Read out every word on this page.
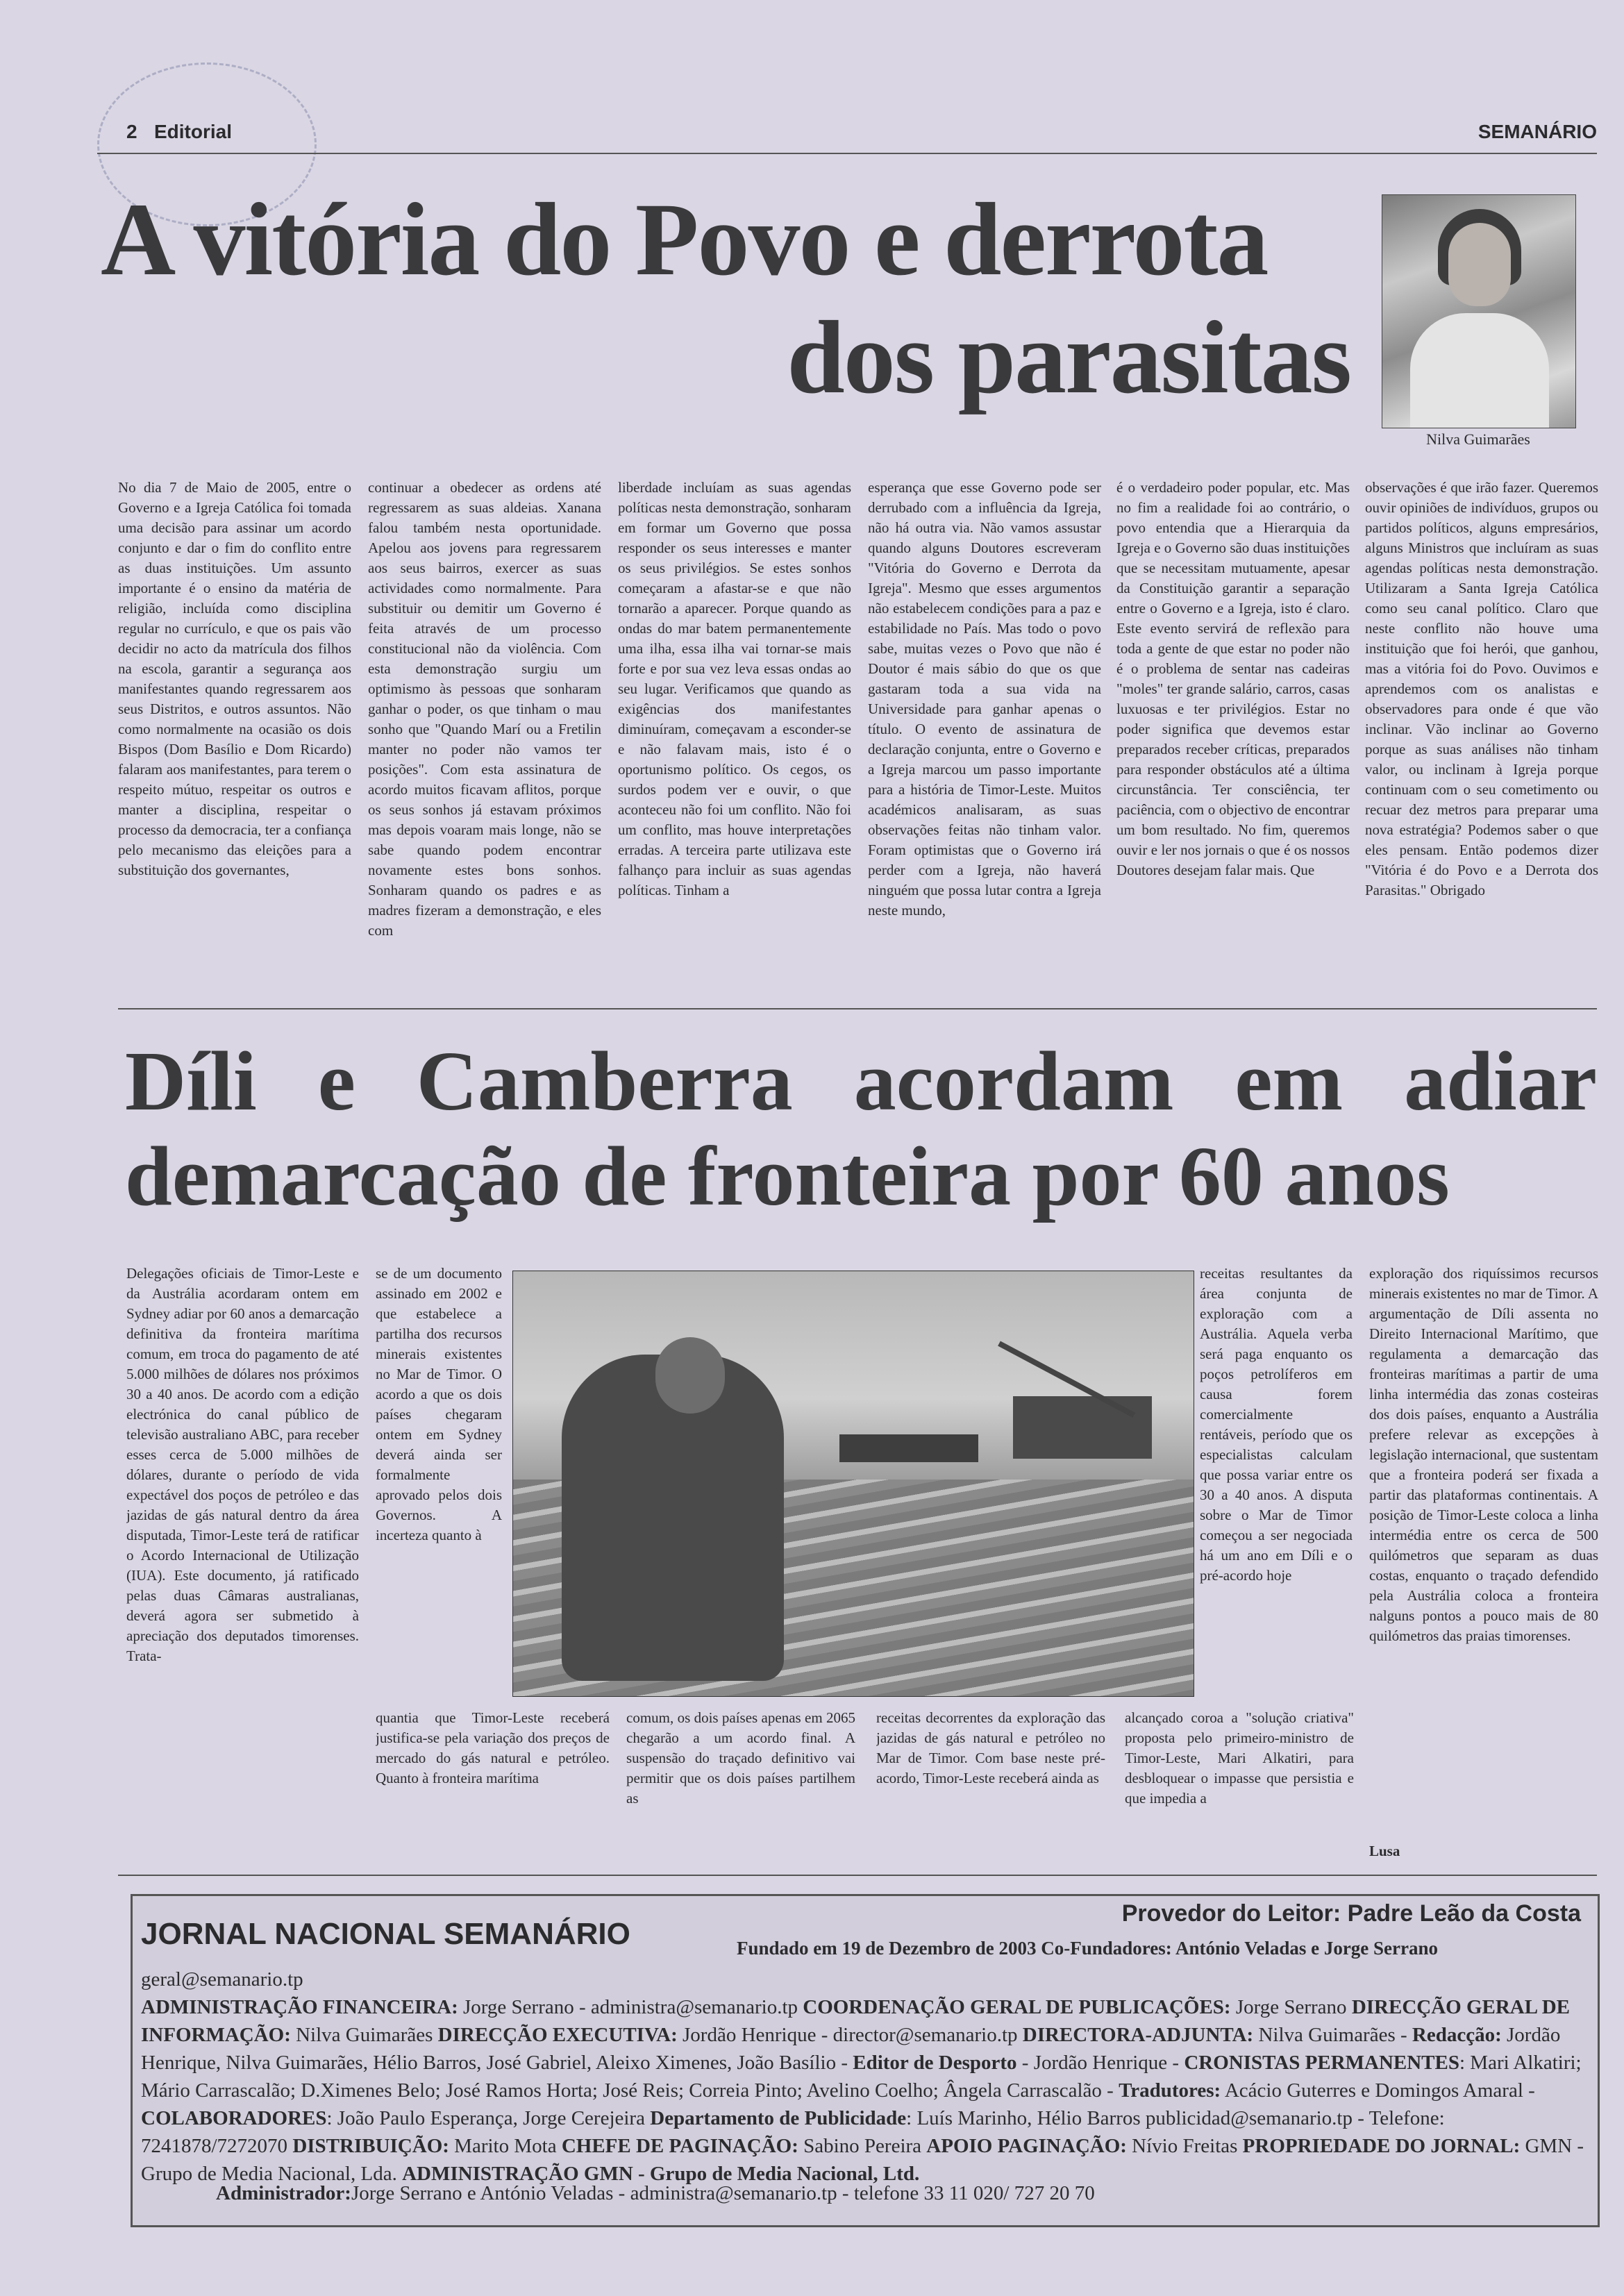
2 Editorial	SEMANÁRIO
A vitória do Povo e derrota
dos parasitas
Nilva Guimarães
No dia 7 de Maio de 2005, entre o Governo e a Igreja Católica foi tomada uma decisão para assinar um acordo conjunto e dar o fim do conflito entre as duas instituições. Um assunto importante é o ensino da matéria de religião, incluída como disciplina regular no currículo, e que os pais vão decidir no acto da matrícula dos filhos na escola, garantir a segurança aos manifestantes quando regressarem aos seus Distritos, e outros assuntos. Não como normalmente na ocasião os dois Bispos (Dom Basílio e Dom Ricardo) falaram aos manifestantes, para terem o respeito mútuo, respeitar os outros e manter a disciplina, respeitar o processo da democracia, ter a confiança pelo mecanismo das eleições para a substituição dos governantes,
continuar a obedecer as ordens até regressarem as suas aldeias. Xanana falou também nesta oportunidade. Apelou aos jovens para regressarem aos seus bairros, exercer as suas actividades como normalmente. Para substituir ou demitir um Governo é feita através de um processo constitucional não da violência. Com esta demonstração surgiu um optimismo às pessoas que sonharam ganhar o poder, os que tinham o mau sonho que "Quando Marí ou a Fretilin manter no poder não vamos ter posições". Com esta assinatura de acordo muitos ficavam aflitos, porque os seus sonhos já estavam próximos mas depois voaram mais longe, não se sabe quando podem encontrar novamente estes bons sonhos. Sonharam quando os padres e as madres fizeram a demonstração, e eles com
liberdade incluíam as suas agendas políticas nesta demonstração, sonharam em formar um Governo que possa responder os seus interesses e manter os seus privilégios. Se estes sonhos começaram a afastar-se e que não tornarão a aparecer. Porque quando as ondas do mar batem permanentemente uma ilha, essa ilha vai tornar-se mais forte e por sua vez leva essas ondas ao seu lugar. Verificamos que quando as exigências dos manifestantes diminuíram, começavam a esconder-se e não falavam mais, isto é o oportunismo político. Os cegos, os surdos podem ver e ouvir, o que aconteceu não foi um conflito. Não foi um conflito, mas houve interpretações erradas. A terceira parte utilizava este falhanço para incluir as suas agendas políticas. Tinham a
esperança que esse Governo pode ser derrubado com a influência da Igreja, não há outra via. Não vamos assustar quando alguns Doutores escreveram "Vitória do Governo e Derrota da Igreja". Mesmo que esses argumentos não estabelecem condições para a paz e estabilidade no País. Mas todo o povo sabe, muitas vezes o Povo que não é Doutor é mais sábio do que os que gastaram toda a sua vida na Universidade para ganhar apenas o título. O evento de assinatura de declaração conjunta, entre o Governo e a Igreja marcou um passo importante para a história de Timor-Leste. Muitos académicos analisaram, as suas observações feitas não tinham valor. Foram optimistas que o Governo irá perder com a Igreja, não haverá ninguém que possa lutar contra a Igreja neste mundo,
é o verdadeiro poder popular, etc. Mas no fim a realidade foi ao contrário, o povo entendia que a Hierarquia da Igreja e o Governo são duas instituições que se necessitam mutuamente, apesar da Constituição garantir a separação entre o Governo e a Igreja, isto é claro. Este evento servirá de reflexão para toda a gente de que estar no poder não é o problema de sentar nas cadeiras "moles" ter grande salário, carros, casas luxuosas e ter privilégios. Estar no poder significa que devemos estar preparados receber críticas, preparados para responder obstáculos até a última circunstância. Ter consciência, ter paciência, com o objectivo de encontrar um bom resultado. No fim, queremos ouvir e ler nos jornais o que é os nossos Doutores desejam falar mais. Que
observações é que irão fazer. Queremos ouvir opiniões de indivíduos, grupos ou partidos políticos, alguns empresários, alguns Ministros que incluíram as suas agendas políticas nesta demonstração. Utilizaram a Santa Igreja Católica como seu canal político. Claro que neste conflito não houve uma instituição que foi herói, que ganhou, mas a vitória foi do Povo. Ouvimos e aprendemos com os analistas e observadores para onde é que vão inclinar. Vão inclinar ao Governo porque as suas análises não tinham valor, ou inclinam à Igreja porque continuam com o seu cometimento ou recuar dez metros para preparar uma nova estratégia? Podemos saber o que eles pensam. Então podemos dizer "Vitória é do Povo e a Derrota dos Parasitas." Obrigado
Díli e Camberra acordam em adiar
demarcação de fronteira por 60 anos
Delegações oficiais de Timor-Leste e da Austrália acordaram ontem em Sydney adiar por 60 anos a demarcação definitiva da fronteira marítima comum, em troca do pagamento de até 5.000 milhões de dólares nos próximos 30 a 40 anos. De acordo com a edição electrónica do canal público de televisão australiano ABC, para receber esses cerca de 5.000 milhões de dólares, durante o período de vida expectável dos poços de petróleo e das jazidas de gás natural dentro da área disputada, Timor-Leste terá de ratificar o Acordo Internacional de Utilização (IUA). Este documento, já ratificado pelas duas Câmaras australianas, deverá agora ser submetido à apreciação dos deputados timorenses. Trata-
se de um documento assinado em 2002 e que estabelece a partilha dos recursos minerais existentes no Mar de Timor. O acordo a que os dois países chegaram ontem em Sydney deverá ainda ser formalmente aprovado pelos dois Governos. A incerteza quanto à
quantia que Timor-Leste receberá justifica-se pela variação dos preços de mercado do gás natural e petróleo. Quanto à fronteira marítima
comum, os dois países apenas em 2065 chegarão a um acordo final. A suspensão do traçado definitivo vai permitir que os dois países partilhem as
receitas decorrentes da exploração das jazidas de gás natural e petróleo no Mar de Timor. Com base neste pré-acordo, Timor-Leste receberá ainda as
receitas resultantes da área conjunta de exploração com a Austrália. Aquela verba será paga enquanto os poços petrolíferos em causa forem comercialmente rentáveis, período que os especialistas calculam que possa variar entre os 30 a 40 anos. A disputa sobre o Mar de Timor começou a ser negociada há um ano em Díli e o pré-acordo hoje
alcançado coroa a "solução criativa" proposta pelo primeiro-ministro de Timor-Leste, Mari Alkatiri, para desbloquear o impasse que persistia e que impedia a
exploração dos riquíssimos recursos minerais existentes no mar de Timor. A argumentação de Díli assenta no Direito Internacional Marítimo, que regulamenta a demarcação das fronteiras marítimas a partir de uma linha intermédia das zonas costeiras dos dois países, enquanto a Austrália prefere relevar as excepções à legislação internacional, que sustentam que a fronteira poderá ser fixada a partir das plataformas continentais. A posição de Timor-Leste coloca a linha intermédia entre os cerca de 500 quilómetros que separam as duas costas, enquanto o traçado defendido pela Austrália coloca a fronteira nalguns pontos a pouco mais de 80 quilómetros das praias timorenses.
Lusa
Provedor do Leitor: Padre Leão da Costa
JORNAL NACIONAL SEMANÁRIO	Fundado em 19 de Dezembro de 2003 Co-Fundadores: António Veladas e Jorge Serrano
geral@semanario.tp
ADMINISTRAÇÃO FINANCEIRA: Jorge Serrano - administra@semanario.tp COORDENAÇÃO GERAL DE PUBLICAÇÕES: Jorge Serrano DIRECÇÃO GERAL DE INFORMAÇÃO: Nilva Guimarães DIRECÇÃO EXECUTIVA: Jordão Henrique - director@semanario.tp DIRECTORA-ADJUNTA: Nilva Guimarães - Redacção: Jordão Henrique, Nilva Guimarães, Hélio Barros, José Gabriel, Aleixo Ximenes, João Basílio - Editor de Desporto - Jordão Henrique - CRONISTAS PERMANENTES: Mari Alkatiri; Mário Carrascalão; D.Ximenes Belo; José Ramos Horta; José Reis; Correia Pinto; Avelino Coelho; Ângela Carrascalão - Tradutores: Acácio Guterres e Domingos Amaral - COLABORADORES: João Paulo Esperança, Jorge Cerejeira Departamento de Publicidade: Luís Marinho, Hélio Barros publicidad@semanario.tp - Telefone: 7241878/7272070 DISTRIBUIÇÃO: Marito Mota CHEFE DE PAGINAÇÃO: Sabino Pereira APOIO PAGINAÇÃO: Nívio Freitas PROPRIEDADE DO JORNAL: GMN - Grupo de Media Nacional, Lda. ADMINISTRAÇÃO GMN - Grupo de Media Nacional, Ltd.
Administrador:Jorge Serrano e António Veladas - administra@semanario.tp - telefone 33 11 020/ 727 20 70
